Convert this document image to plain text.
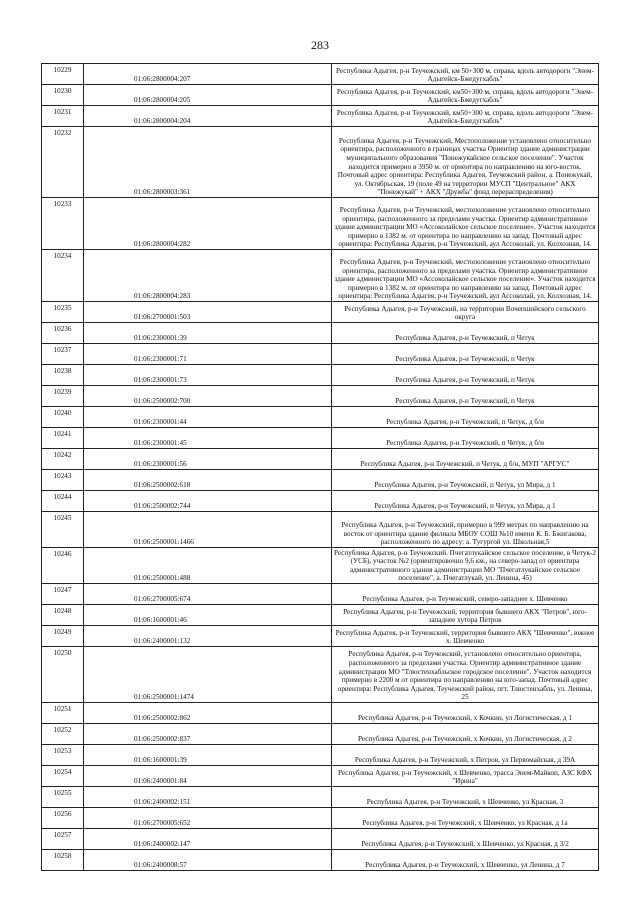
283
10229	01:06:2800004:207	Республика Адыгея, р-н Теучежский, км 50+300 м, справа, вдоль автодороги "Энем-Адыгейск-Бжедугхабль"
10230	01:06:2800004:205	Республика Адыгея, р-н Теучежский, км50+300 м, справа, вдоль автодороги "Энем-Адыгейск-Бжедугхабль"
10231	01:06:2800004:204	Республика Адыгея, р-н Теучежский, км50+300 м, справа, вдоль автодороги "Энем-Адыгейск-Бжедугхабль"
10232	01:06:2800003:361	Республика Адыгея, р-н Теучежский, Местоположение установлено относительно ориентира, расположенного в границах участка Ориентир здание администрации муниципального образования "Понежукайское сельское поселение". Участок находится примерно в 3950 м. от ориентира по направлению на юго-восток. Почтовый адрес ориентира: Республика Адыгея, Теучежский район, а. Понежукай, ул. Октябрьская, 19 (поле 49 на территории МУСП "Центральное" АКХ "Понежукай" + АКХ "Дружба" фонд перераспределения)
10233	01:06:2800004:282	Республика Адыгея, р-н Теучежский, местоположение установлено относительно ориентира, расположенного за пределами участка. Ориентир административное здание администрации МО «Ассоколайское сельское поселение». Участок находится примерно в 1382 м. от ориентира по направлению на запад. Почтовый адрес ориентира: Республика Адыгея, р-н Теучежский, аул Ассоколай, ул. Колхозная, 14.
10234	01:06:2800004:283	Республика Адыгея, р-н Теучежский, местоположение установлено относительно ориентира, расположенного за пределами участка. Ориентир административное здание администрации МО «Ассоколайское сельское поселение». Участок находится примерно в 1382 м. от ориентира по направлению на запад. Почтовый адрес ориентира: Республика Адыгея, р-н Теучежский, аул Ассоколай, ул. Колхозная, 14.
10235	01:06:2700001:503	Республика Адыгея, р-н Теучежский, на территории Вочепшийского сельского округа
10236	01:06:2300001:39	Республика Адыгея, р-н Теучежский, п Четук
10237	01:06:2300001:71	Республика Адыгея, р-н Теучежский, п Четук
10238	01:06:2300001:73	Республика Адыгея, р-н Теучежский, п Четук
10239	01:06:2500002:700	Республика Адыгея, р-н Теучежский, п Четук
10240	01:06:2300001:44	Республика Адыгея, р-н Теучежский, п Четук, д б/н
10241	01:06:2300001:45	Республика Адыгея, р-н Теучежский, п Четук, д б/н
10242	01:06:2300001:56	Республика Адыгея, р-н Теучежский, п Четук, д б/н, МУП "АРГУС"
10243	01:06:2500002:618	Республика Адыгея, р-н Теучежский, п Четук, ул Мира, д 1
10244	01:06:2500002:744	Республика Адыгея, р-н Теучежский, п Четук, ул Мира, д 1
10245	01:06:2500001:1466	Республика Адыгея, р-н Теучежский, примерно в 999 метрах по направлению на восток от ориентира здание филиала МБОУ СОШ №10 имени К. Б. Бжигакова, расположенного по адресу: а. Тугургой ул. Школьная,5
10246	01:06:2500001:488	Республика Адыгея, р-н Теучежский. Пчегатлукайское сельское поселение, в Четук-2 (УСБ), участок №2 (ориентировочно 9,6 км., на северо-запад от ориентира административного здания администрации МО "Пчегатлукайское сельское поселение", а. Пчегатлукай, ул. Ленина, 45)
10247	01:06:2700005:674	Республика Адыгея, р-н Теучежский, северо-западнее х. Шевченко
10248	01:06:1600001:46	Республика Адыгея, р-н Теучежский, территория бывшего АКХ "Петров", юго-западнее хутора Петров
10249	01:06:2400001:132	Республика Адыгея, р-н Теучежский, территория бывшего АКХ "Шевченко", южнее х. Шевченко
10250	01:06:2500001:1474	Республика Адыгея, р-н Теучежский, установлено относительно ориентира, расположенного за пределами участка. Ориентир административное здание администрации МО "Тлюстенхабльское городское поселение". Участок находится примерно в 2200 м от ориентира по направлению на юго-запад. Почтовый адрес ориентира: Республика Адыгея, Теучежский район, пгт. Тлюстенхабль, ул. Ленина, 25
10251	01:06:2500002:862	Республика Адыгея, р-н Теучежский, х Кочкин, ул Логистическая, д 1
10252	01:06:2500002:837	Республика Адыгея, р-н Теучежский, х Кочкин, ул Логистическая, д 2
10253	01:06:1600001:39	Республика Адыгея, р-н Теучежский, х Петров, ул Первомайская, д 39А
10254	01:06:2400001:84	Республика Адыгея, р-н Теучежский, х Шевченко, трасса Энем-Майкоп, АЗС КФХ "Ирина"
10255	01:06:2400002:151	Республика Адыгея, р-н Теучежский, х Шевченко, ул Красная, 3
10256	01:06:2700005:652	Республика Адыгея, р-н Теучежский, х Шевченко, ул Красная, д 1а
10257	01:06:2400002:147	Республика Адыгея, р-н Теучежский, х Шевченко, ул Красная, д 3/2
10258	01:06:2400008:57	Республика Адыгея, р-н Теучежский, х Шевченко, ул Ленина, д 7
